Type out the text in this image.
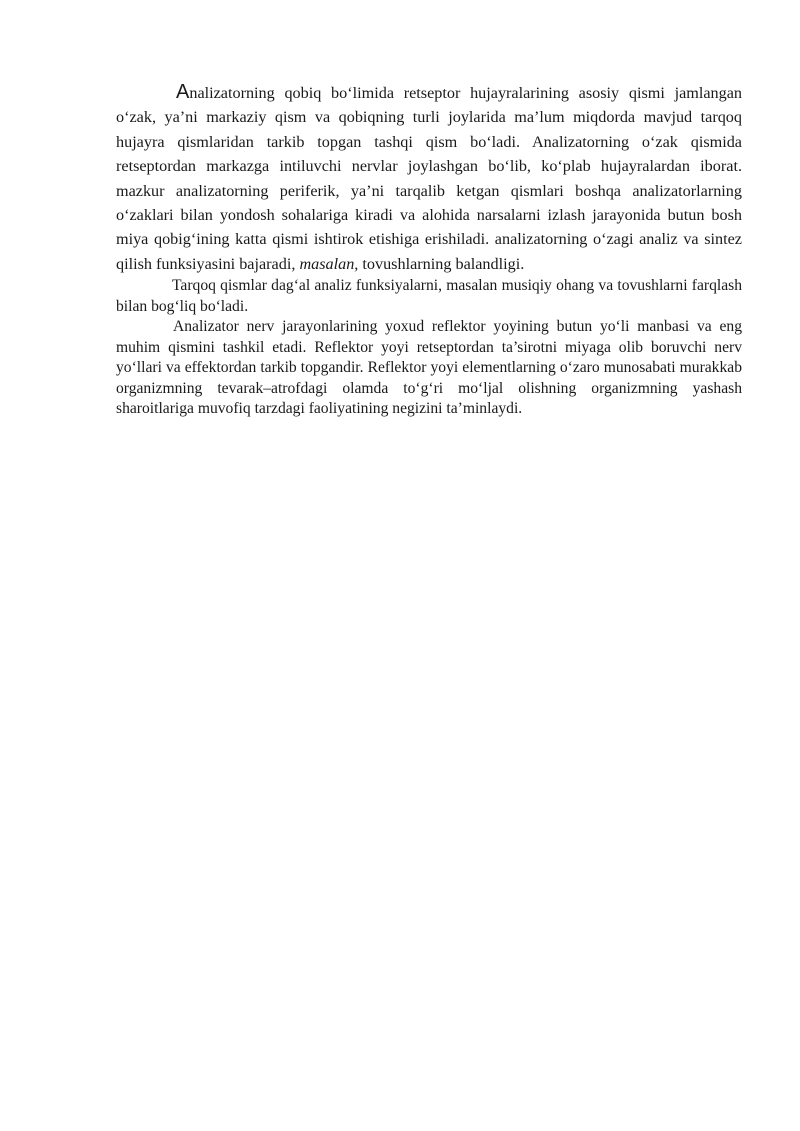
Analizatorning qobiq bo‘limida retseptor hujayralarining asosiy qismi jamlangan o‘zak, ya’ni markaziy qism va qobiqning turli joylarida ma’lum miqdorda mavjud tarqoq hujayra qismlaridan tarkib topgan tashqi qism bo‘ladi. Analizatorning o‘zak qismida retseptordan markazga intiluvchi nervlar joylashgan bo‘lib, ko‘plab hujayralardan iborat. mazkur analizatorning periferik, ya’ni tarqalib ketgan qismlari boshqa analizatorlarning o‘zaklari bilan yondosh sohalariga kiradi va alohida narsalarni izlash jarayonida butun bosh miya qobig‘ining katta qismi ishtirok etishiga erishiladi. analizatorning o‘zagi analiz va sintez qilish funksiyasini bajaradi, masalan, tovushlarning balandligi.

Tarqoq qismlar dag‘al analiz funksiyalarni, masalan musiqiy ohang va tovushlarni farqlash bilan bog‘liq bo‘ladi.

Analizator nerv jarayonlarining yoxud reflektor yoyining butun yo‘li manbasi va eng muhim qismini tashkil etadi. Reflektor yoyi retseptordan ta’sirotni miyaga olib boruvchi nerv yo‘llari va effektordan tarkib topgandir. Reflektor yoyi elementlarning o‘zaro munosabati murakkab organizmning tevarak–atrofdagi olamda to‘g‘ri mo‘ljal olishning organizmning yashash sharoitlariga muvofiq tarzdagi faoliyatining negizini ta’minlaydi.
